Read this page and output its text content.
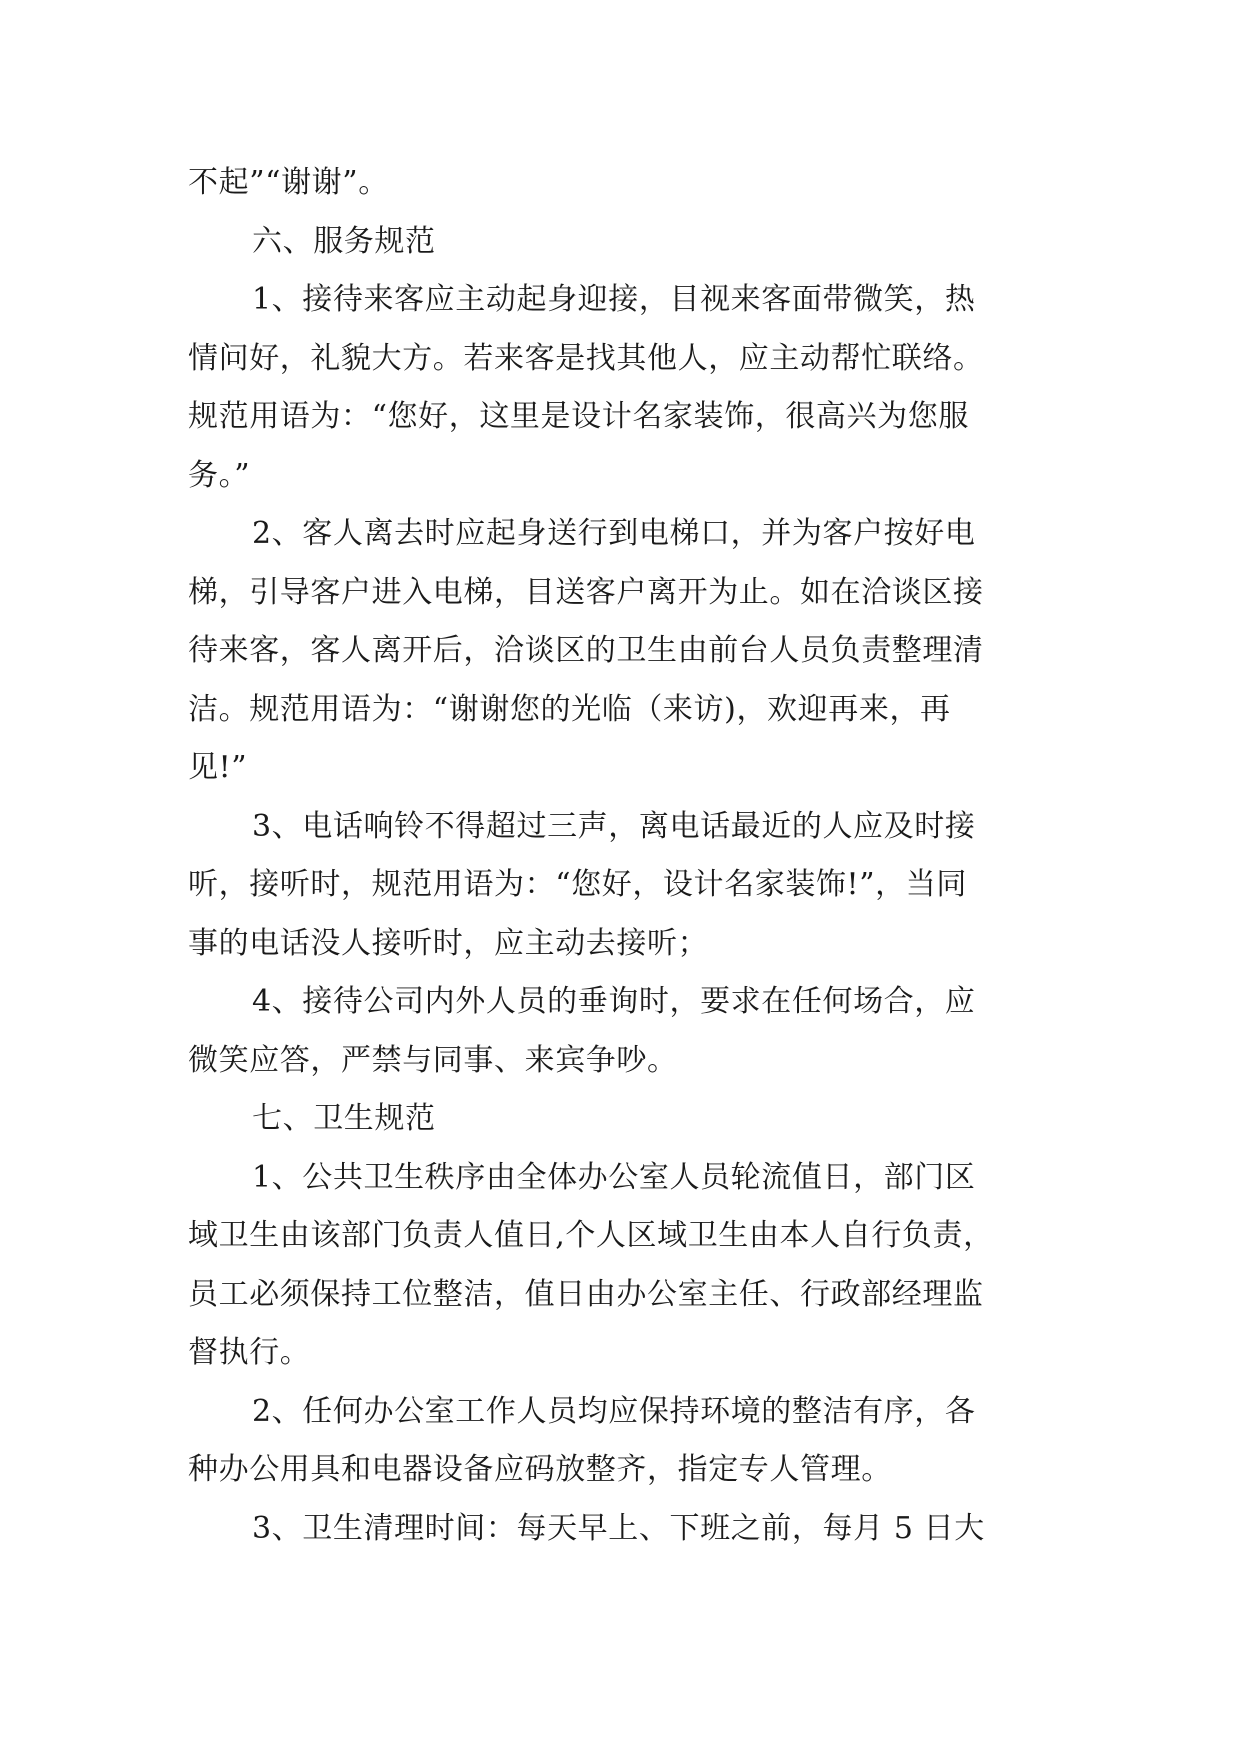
不起”“谢谢”。
六、服务规范
1、接待来客应主动起身迎接，目视来客面带微笑，热
情问好，礼貌大方。若来客是找其他人，应主动帮忙联络。
规范用语为：“您好，这里是设计名家装饰，很高兴为您服
务。”
2、客人离去时应起身送行到电梯口，并为客户按好电
梯，引导客户进入电梯，目送客户离开为止。如在洽谈区接
待来客，客人离开后，洽谈区的卫生由前台人员负责整理清
洁。规范用语为：“谢谢您的光临（来访)，欢迎再来，再
见!”
3、电话响铃不得超过三声，离电话最近的人应及时接
听，接听时，规范用语为：“您好，设计名家装饰!”，当同
事的电话没人接听时，应主动去接听；
4、接待公司内外人员的垂询时，要求在任何场合，应
微笑应答，严禁与同事、来宾争吵。
七、卫生规范
1、公共卫生秩序由全体办公室人员轮流值日，部门区
域卫生由该部门负责人值日,个人区域卫生由本人自行负责，
员工必须保持工位整洁，值日由办公室主任、行政部经理监
督执行。
2、任何办公室工作人员均应保持环境的整洁有序，各
种办公用具和电器设备应码放整齐，指定专人管理。
3、卫生清理时间：每天早上、下班之前，每月 5 日大
